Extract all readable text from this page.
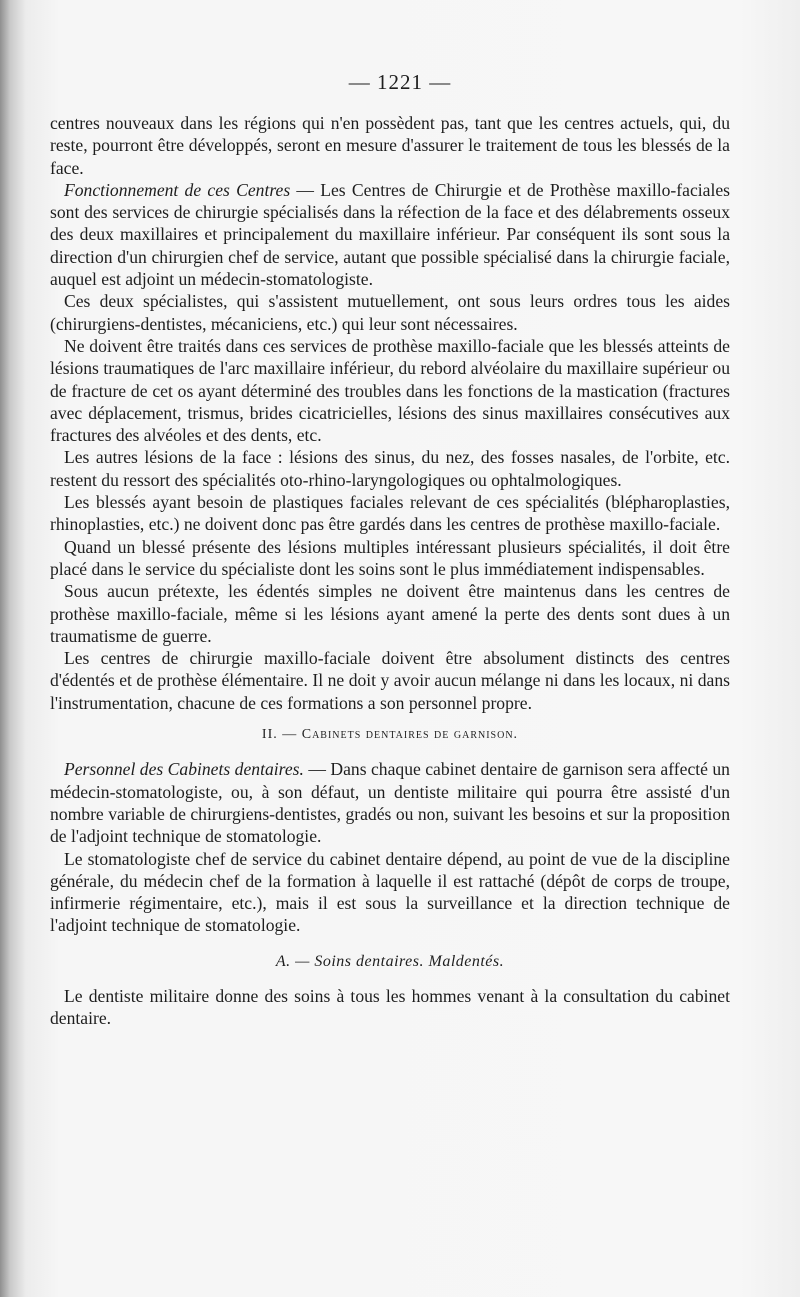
— 1221 —

centres nouveaux dans les régions qui n'en possèdent pas, tant que les centres actuels, qui, du reste, pourront être développés, seront en mesure d'assurer le traitement de tous les blessés de la face.

Fonctionnement de ces Centres — Les Centres de Chirurgie et de Prothèse maxillo-faciales sont des services de chirurgie spécialisés dans la réfection de la face et des délabrements osseux des deux maxillaires et principalement du maxillaire inférieur. Par conséquent ils sont sous la direction d'un chirurgien chef de service, autant que possible spécialisé dans la chirurgie faciale, auquel est adjoint un médecin-stomatologiste.

Ces deux spécialistes, qui s'assistent mutuellement, ont sous leurs ordres tous les aides (chirurgiens-dentistes, mécaniciens, etc.) qui leur sont nécessaires.

Ne doivent être traités dans ces services de prothèse maxillo-faciale que les blessés atteints de lésions traumatiques de l'arc maxillaire inférieur, du rebord alvéolaire du maxillaire supérieur ou de fracture de cet os ayant déterminé des troubles dans les fonctions de la mastication (fractures avec déplacement, trismus, brides cicatricielles, lésions des sinus maxillaires consécutives aux fractures des alvéoles et des dents, etc.

Les autres lésions de la face : lésions des sinus, du nez, des fosses nasales, de l'orbite, etc. restent du ressort des spécialités oto-rhino-laryngologiques ou ophtalmologiques.

Les blessés ayant besoin de plastiques faciales relevant de ces spécialités (blépharoplasties, rhinoplasties, etc.) ne doivent donc pas être gardés dans les centres de prothèse maxillo-faciale.

Quand un blessé présente des lésions multiples intéressant plusieurs spécialités, il doit être placé dans le service du spécialiste dont les soins sont le plus immédiatement indispensables.

Sous aucun prétexte, les édentés simples ne doivent être maintenus dans les centres de prothèse maxillo-faciale, même si les lésions ayant amené la perte des dents sont dues à un traumatisme de guerre.

Les centres de chirurgie maxillo-faciale doivent être absolument distincts des centres d'édentés et de prothèse élémentaire. Il ne doit y avoir aucun mélange ni dans les locaux, ni dans l'instrumentation, chacune de ces formations a son personnel propre.

II. — Cabinets dentaires de garnison.

Personnel des Cabinets dentaires. — Dans chaque cabinet dentaire de garnison sera affecté un médecin-stomatologiste, ou, à son défaut, un dentiste militaire qui pourra être assisté d'un nombre variable de chirurgiens-dentistes, gradés ou non, suivant les besoins et sur la proposition de l'adjoint technique de stomatologie.

Le stomatologiste chef de service du cabinet dentaire dépend, au point de vue de la discipline générale, du médecin chef de la formation à laquelle il est rattaché (dépôt de corps de troupe, infirmerie régimentaire, etc.), mais il est sous la surveillance et la direction technique de l'adjoint technique de stomatologie.

A. — Soins dentaires. Maldentés.

Le dentiste militaire donne des soins à tous les hommes venant à la consultation du cabinet dentaire.
